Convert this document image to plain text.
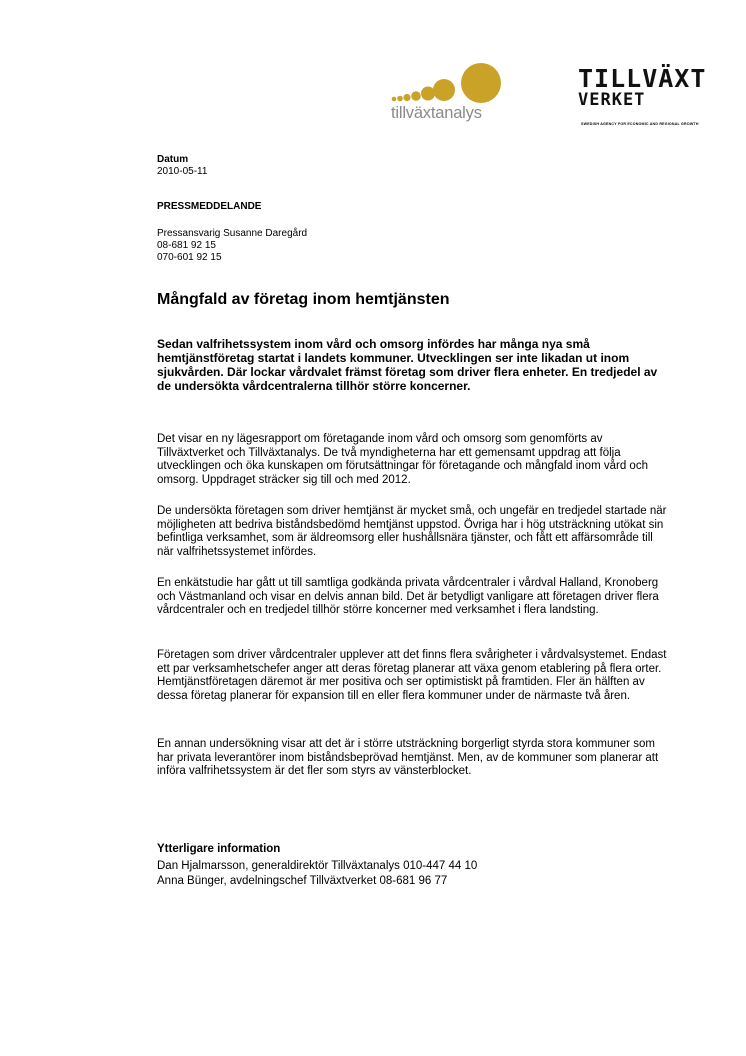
tillväxtanalys
TILLVÄXT
VERKET
SWEDISH AGENCY FOR ECONOMIC AND REGIONAL GROWTH
Datum
2010-05-11
PRESSMEDDELANDE
Pressansvarig Susanne Daregård
08-681 92 15
070-601 92 15
Mångfald av företag inom hemtjänsten
Sedan valfrihetssystem inom vård och omsorg infördes har många nya små hemtjänstföretag startat i landets kommuner. Utvecklingen ser inte likadan ut inom sjukvården. Där lockar vårdvalet främst företag som driver flera enheter. En tredjedel av de undersökta vårdcentralerna tillhör större koncerner.
Det visar en ny lägesrapport om företagande inom vård och omsorg som genomförts av Tillväxtverket och Tillväxtanalys. De två myndigheterna har ett gemensamt uppdrag att följa utvecklingen och öka kunskapen om förutsättningar för företagande och mångfald inom vård och omsorg. Uppdraget sträcker sig till och med 2012.
De undersökta företagen som driver hemtjänst är mycket små, och ungefär en tredjedel startade när möjligheten att bedriva biståndsbedömd hemtjänst uppstod. Övriga har i hög utsträckning utökat sin befintliga verksamhet, som är äldreomsorg eller hushållsnära tjänster, och fått ett affärsområde till när valfrihetssystemet infördes.
En enkätstudie har gått ut till samtliga godkända privata vårdcentraler i vårdval Halland, Kronoberg och Västmanland och visar en delvis annan bild. Det är betydligt vanligare att företagen driver flera vårdcentraler och en tredjedel tillhör större koncerner med verksamhet i flera landsting.
Företagen som driver vårdcentraler upplever att det finns flera svårigheter i vårdvalsystemet. Endast ett par verksamhetschefer anger att deras företag planerar att växa genom etablering på flera orter. Hemtjänstföretagen däremot är mer positiva och ser optimistiskt på framtiden. Fler än hälften av dessa företag planerar för expansion till en eller flera kommuner under de närmaste två åren.
En annan undersökning visar att det är i större utsträckning borgerligt styrda stora kommuner som har privata leverantörer inom biståndsbeprövad hemtjänst. Men, av de kommuner som planerar att införa valfrihetssystem är det fler som styrs av vänsterblocket.
Ytterligare information
Dan Hjalmarsson, generaldirektör Tillväxtanalys 010-447 44 10
Anna Bünger, avdelningschef Tillväxtverket 08-681 96 77
